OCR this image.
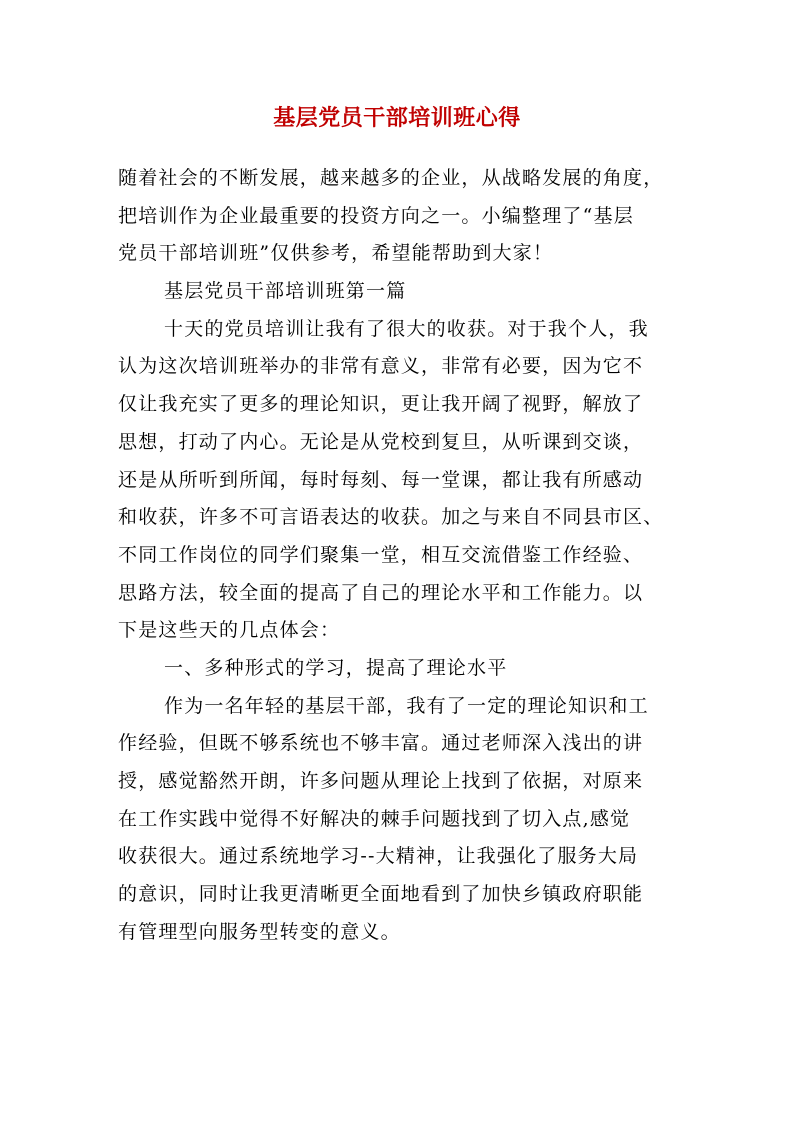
基层党员干部培训班心得
随着社会的不断发展，越来越多的企业，从战略发展的角度，
把培训作为企业最重要的投资方向之一。小编整理了“基层
党员干部培训班”仅供参考，希望能帮助到大家！
基层党员干部培训班第一篇
十天的党员培训让我有了很大的收获。对于我个人，我
认为这次培训班举办的非常有意义，非常有必要，因为它不
仅让我充实了更多的理论知识，更让我开阔了视野，解放了
思想，打动了内心。无论是从党校到复旦，从听课到交谈，
还是从所听到所闻，每时每刻、每一堂课，都让我有所感动
和收获，许多不可言语表达的收获。加之与来自不同县市区、
不同工作岗位的同学们聚集一堂，相互交流借鉴工作经验、
思路方法，较全面的提高了自己的理论水平和工作能力。以
下是这些天的几点体会：
一、多种形式的学习，提高了理论水平
作为一名年轻的基层干部，我有了一定的理论知识和工
作经验，但既不够系统也不够丰富。通过老师深入浅出的讲
授，感觉豁然开朗，许多问题从理论上找到了依据，对原来
在工作实践中觉得不好解决的棘手问题找到了切入点,感觉
收获很大。通过系统地学习--大精神，让我强化了服务大局
的意识，同时让我更清晰更全面地看到了加快乡镇政府职能
有管理型向服务型转变的意义。
